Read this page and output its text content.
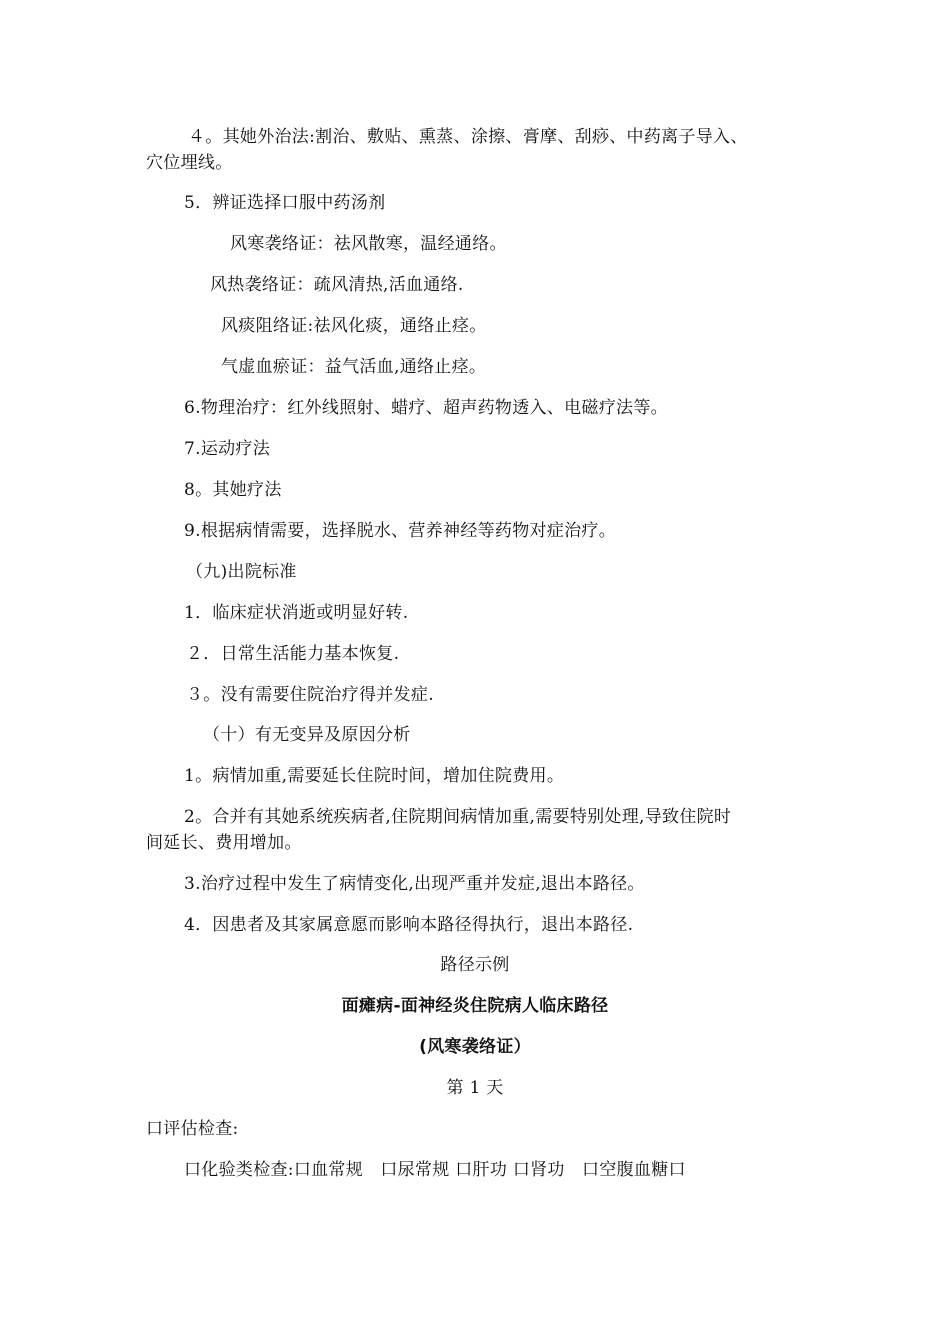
４。其她外治法:割治、敷贴、熏蒸、涂擦、膏摩、刮痧、中药离子导入、
穴位埋线。
5．辨证选择口服中药汤剂
风寒袭络证：祛风散寒，温经通络。
风热袭络证：疏风清热,活血通络.
风痰阻络证:祛风化痰，通络止痉。
气虚血瘀证：益气活血,通络止痉。
6.物理治疗：红外线照射、蜡疗、超声药物透入、电磁疗法等。
7.运动疗法
8。其她疗法
9.根据病情需要，选择脱水、营养神经等药物对症治疗。
（九)出院标准
1．临床症状消逝或明显好转.
２．日常生活能力基本恢复.
３。没有需要住院治疗得并发症.
（十）有无变异及原因分析
1。病情加重,需要延长住院时间，增加住院费用。
2。合并有其她系统疾病者,住院期间病情加重,需要特别处理,导致住院时
间延长、费用增加。
3.治疗过程中发生了病情变化,出现严重并发症,退出本路径。
4．因患者及其家属意愿而影响本路径得执行，退出本路径.
路径示例
面瘫病-面神经炎住院病人临床路径
(风寒袭络证）
第 1 天
口评估检查:
口化验类检查:口血常规　口尿常规 口肝功 口肾功　口空腹血糖口
